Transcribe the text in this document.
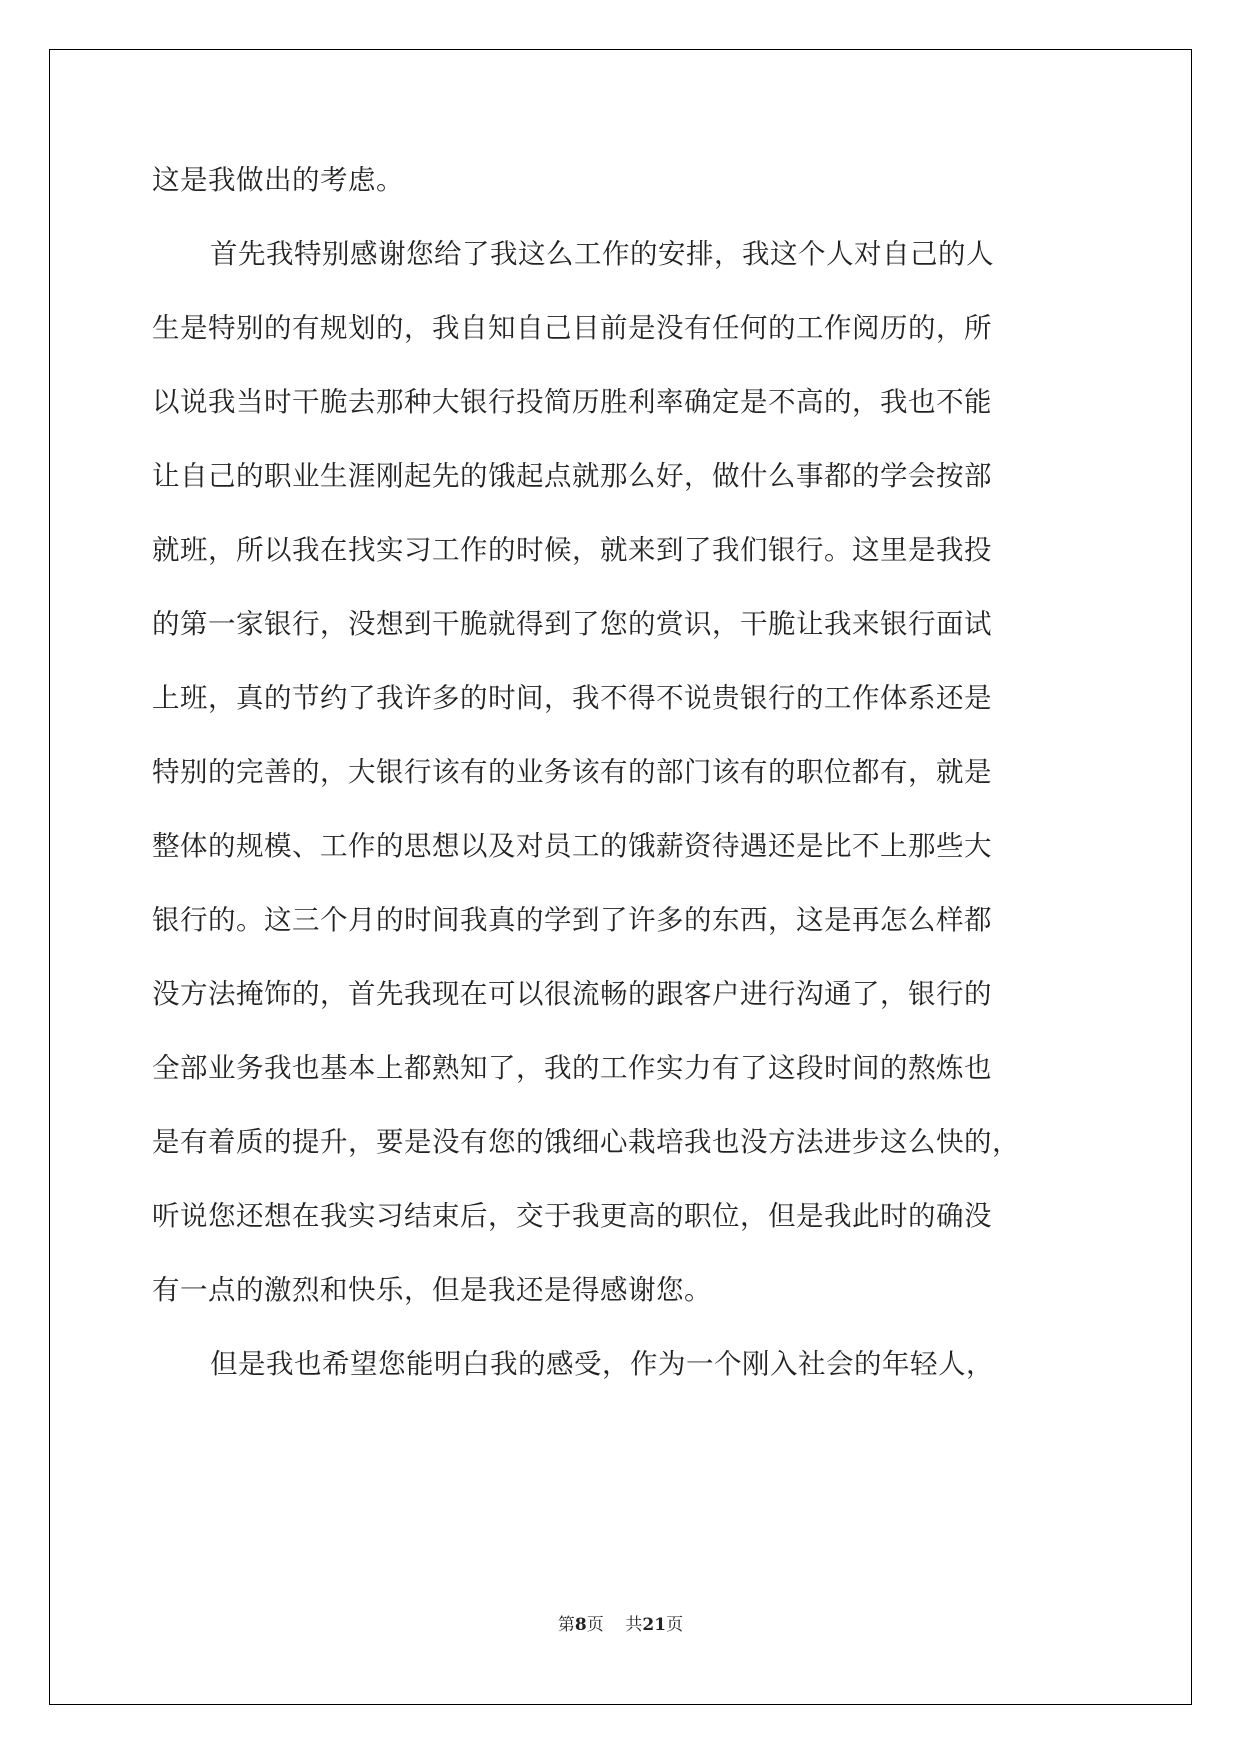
这是我做出的考虑。
首先我特别感谢您给了我这么工作的安排，我这个人对自己的人
生是特别的有规划的，我自知自己目前是没有任何的工作阅历的，所
以说我当时干脆去那种大银行投简历胜利率确定是不高的，我也不能
让自己的职业生涯刚起先的饿起点就那么好，做什么事都的学会按部
就班，所以我在找实习工作的时候，就来到了我们银行。这里是我投
的第一家银行，没想到干脆就得到了您的赏识，干脆让我来银行面试
上班，真的节约了我许多的时间，我不得不说贵银行的工作体系还是
特别的完善的，大银行该有的业务该有的部门该有的职位都有，就是
整体的规模、工作的思想以及对员工的饿薪资待遇还是比不上那些大
银行的。这三个月的时间我真的学到了许多的东西，这是再怎么样都
没方法掩饰的，首先我现在可以很流畅的跟客户进行沟通了，银行的
全部业务我也基本上都熟知了，我的工作实力有了这段时间的熬炼也
是有着质的提升，要是没有您的饿细心栽培我也没方法进步这么快的，
听说您还想在我实习结束后，交于我更高的职位，但是我此时的确没
有一点的激烈和快乐，但是我还是得感谢您。
但是我也希望您能明白我的感受，作为一个刚入社会的年轻人，
第8页 共21页
